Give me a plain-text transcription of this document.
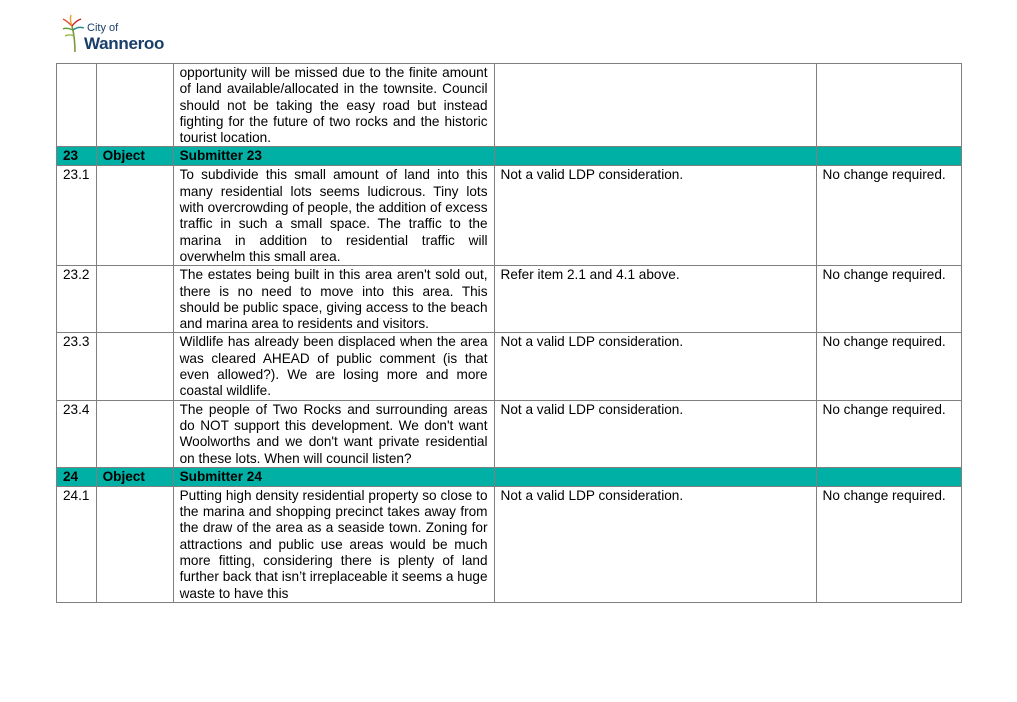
City of
Wanneroo
		opportunity will be missed due to the finite amount of land available/allocated in the townsite. Council should not be taking the easy road but instead fighting for the future of two rocks and the historic tourist location.		
23	Object	Submitter 23		
23.1		To subdivide this small amount of land into this many residential lots seems ludicrous. Tiny lots with overcrowding of people, the addition of excess traffic in such a small space. The traffic to the marina in addition to residential traffic will overwhelm this small area.	Not a valid LDP consideration.	No change required.
23.2		The estates being built in this area aren't sold out, there is no need to move into this area. This should be public space, giving access to the beach and marina area to residents and visitors.	Refer item 2.1 and 4.1 above.	No change required.
23.3		Wildlife has already been displaced when the area was cleared AHEAD of public comment (is that even allowed?). We are losing more and more coastal wildlife.	Not a valid LDP consideration.	No change required.
23.4		The people of Two Rocks and surrounding areas do NOT support this development. We don't want Woolworths and we don't want private residential on these lots. When will council listen?	Not a valid LDP consideration.	No change required.
24	Object	Submitter 24		
24.1		Putting high density residential property so close to the marina and shopping precinct takes away from the draw of the area as a seaside town. Zoning for attractions and public use areas would be much more fitting, considering there is plenty of land further back that isn’t irreplaceable it seems a huge waste to have this	Not a valid LDP consideration.	No change required.
